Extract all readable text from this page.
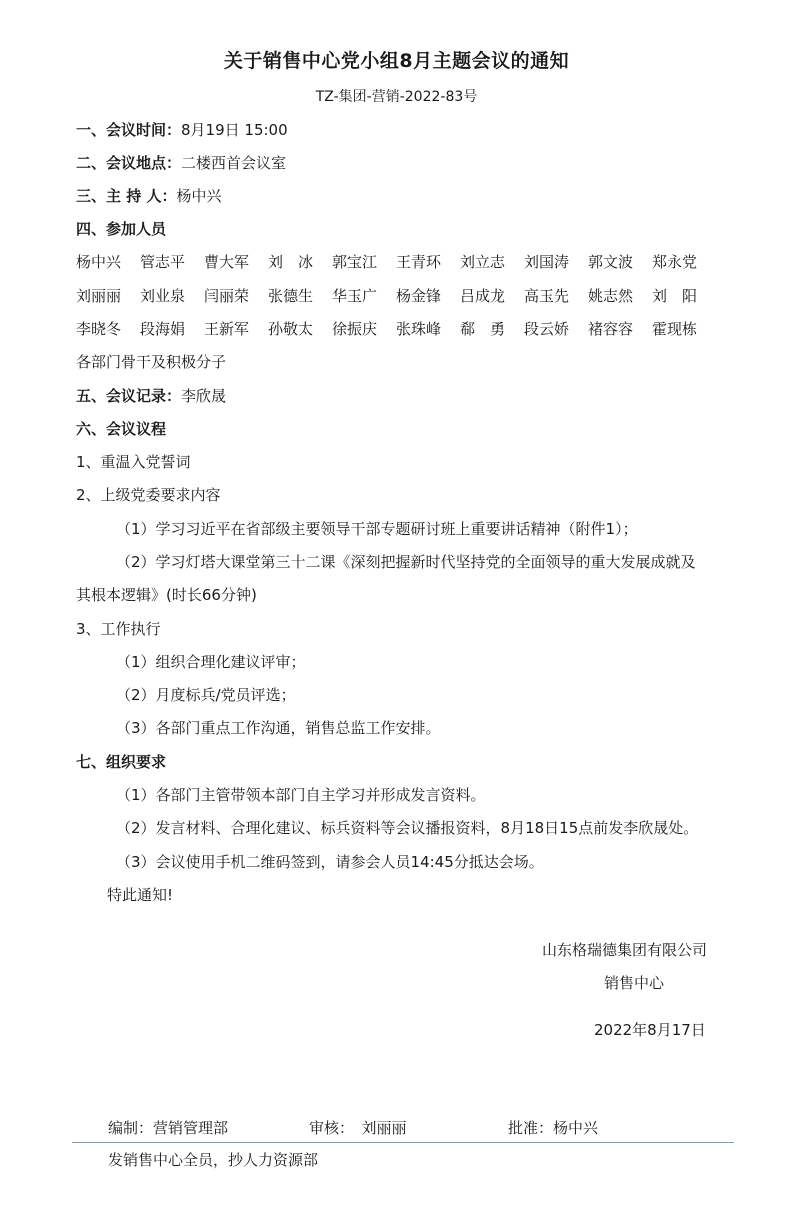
关于销售中心党小组8月主题会议的通知
TZ-集团-营销-2022-83号
一、会议时间：8月19日 15:00
二、会议地点：二楼西首会议室
三、主 持 人：杨中兴
四、参加人员
杨中兴 管志平 曹大军 刘　冰 郭宝江 王青环 刘立志 刘国涛 郭文波 郑永党
刘丽丽 刘业泉 闫丽荣 张德生 华玉广 杨金锋 吕成龙 高玉先 姚志然 刘　阳
李晓冬 段海娟 王新军 孙敬太 徐振庆 张珠峰 郗　勇 段云娇 褚容容 霍现栋
各部门骨干及积极分子
五、会议记录：李欣晟
六、会议议程
1、重温入党誓词
2、上级党委要求内容
（1）学习习近平在省部级主要领导干部专题研讨班上重要讲话精神（附件1）；
（2）学习灯塔大课堂第三十二课《深刻把握新时代坚持党的全面领导的重大发展成就及
其根本逻辑》(时长66分钟)
3、工作执行
（1）组织合理化建议评审；
（2）月度标兵/党员评选；
（3）各部门重点工作沟通，销售总监工作安排。
七、组织要求
（1）各部门主管带领本部门自主学习并形成发言资料。
（2）发言材料、合理化建议、标兵资料等会议播报资料，8月18日15点前发李欣晟处。
（3）会议使用手机二维码签到，请参会人员14:45分抵达会场。
特此通知!
山东格瑞德集团有限公司
销售中心
2022年8月17日
编制：营销管理部	审核：　刘丽丽	批准：杨中兴
发销售中心全员，抄人力资源部
